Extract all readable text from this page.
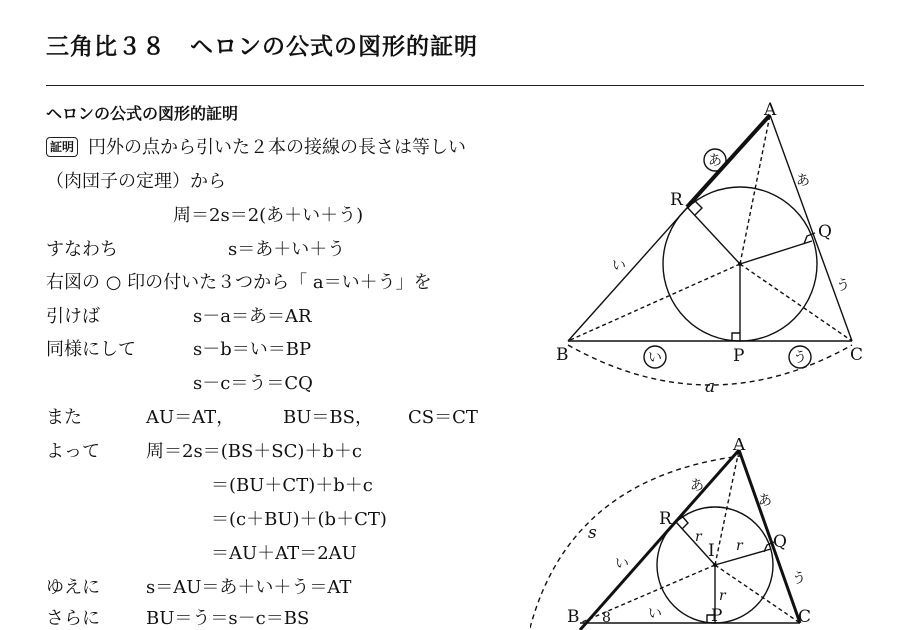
三角比３８　ヘロンの公式の図形的証明
ヘロンの公式の図形的証明
証明 円外の点から引いた２本の接線の長さは等しい
（肉団子の定理）から
周＝2s＝2(あ＋い＋う)
すなわち	s＝あ＋い＋う
右図の ○ 印の付いた３つから「 a＝い＋う」を
引けば	s－a＝あ＝AR
同様にして	s－b＝い＝BP
s－c＝う＝CQ
また	AU＝AT，	BU＝BS， CS＝CT
よって	周＝2s＝(BS＋SC)＋b＋c
＝(BU＋CT)＋b＋c
＝(c＋BU)＋(b＋CT)
＝AU＋AT＝2AU
ゆえに	s＝AU＝あ＋い＋う＝AT
さらに	BU＝う＝s－c＝BS
A
B	C
R
Q
P
あ
あ
い
い	う
う
a
A
B	C
R
Q
P
I
r
r
r
あ
あ
い
い
う
s
8
